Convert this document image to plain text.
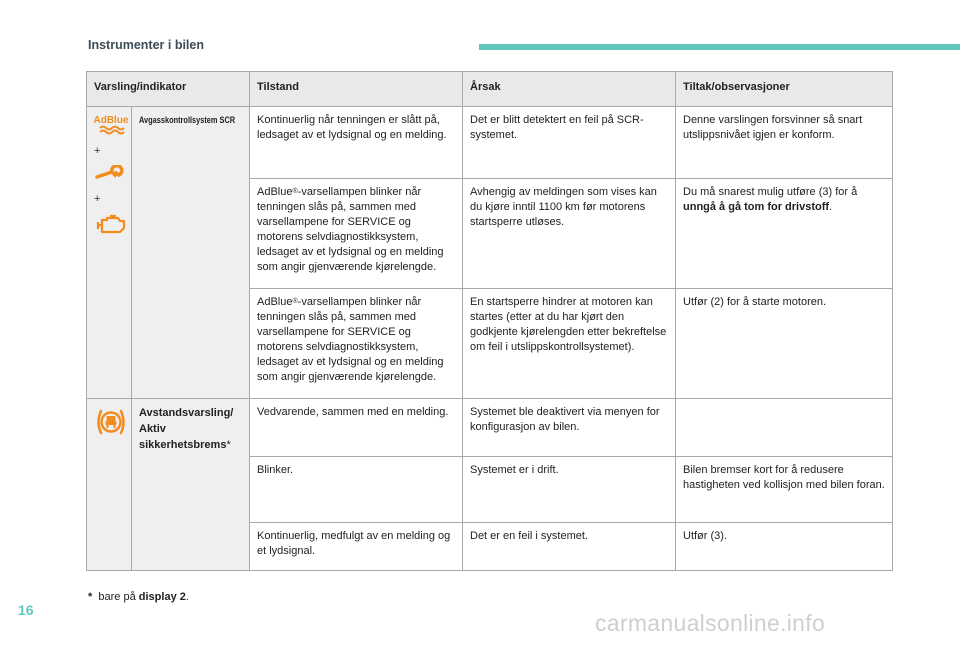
Instrumenter i bilen
Varsling/indikator		Tilstand	Årsak	Tiltak/observasjoner

AdBlue
+
+	Avgasskontrollsystem SCR	Kontinuerlig når tenningen er slått på, ledsaget av et lydsignal og en melding.	Det er blitt detektert en feil på SCR-systemet.	Denne varslingen forsvinner så snart utslippsnivået igjen er konform.
		AdBlue®-varsellampen blinker når tenningen slås på, sammen med varsellampene for SERVICE og motorens selvdiagnostikksystem, ledsaget av et lydsignal og en melding som angir gjenværende kjørelengde.	Avhengig av meldingen som vises kan du kjøre inntil 1100 km før motorens startsperre utløses.	Du må snarest mulig utføre (3) for å unngå å gå tom for drivstoff.
		AdBlue®-varsellampen blinker når tenningen slås på, sammen med varsellampene for SERVICE og motorens selvdiagnostikksystem, ledsaget av et lydsignal og en melding som angir gjenværende kjørelengde.	En startsperre hindrer at motoren kan startes (etter at du har kjørt den godkjente kjørelengden etter bekreftelse om feil i utslippskontrollsystemet).	Utfør (2) for å starte motoren.

Avstandsvarsling/
Aktiv
sikkerhetsbrems*	Vedvarende, sammen med en melding.	Systemet ble deaktivert via menyen for konfigurasjon av bilen.	
		Blinker.	Systemet er i drift.	Bilen bremser kort for å redusere hastigheten ved kollisjon med bilen foran.
		Kontinuerlig, medfulgt av en melding og et lydsignal.	Det er en feil i systemet.	Utfør (3).
* bare på display 2.
16	carmanualsonline.info
